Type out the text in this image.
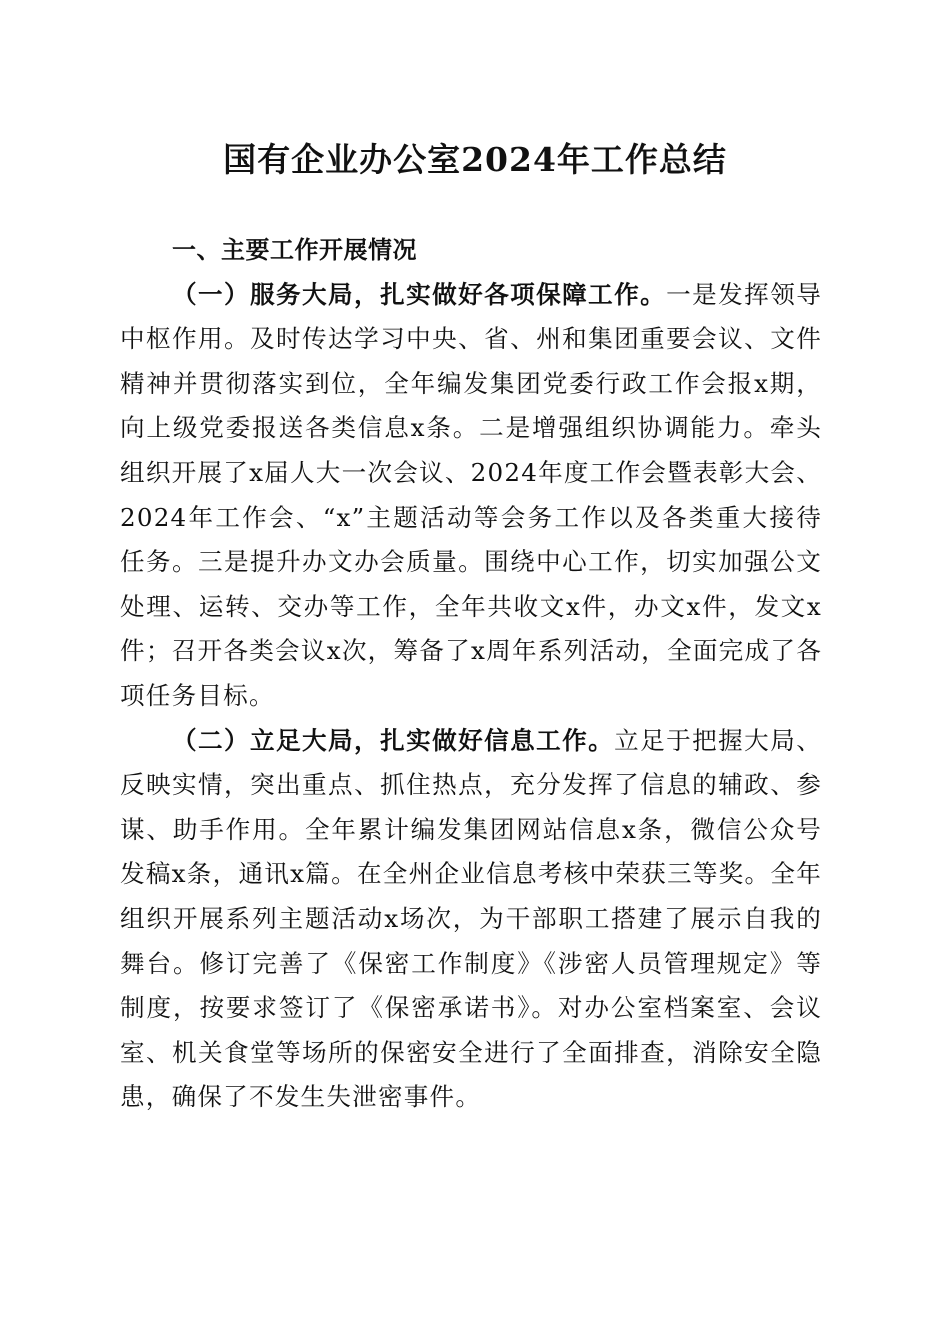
国有企业办公室2024年工作总结
一、主要工作开展情况

（一）服务大局，扎实做好各项保障工作。一是发挥领导中枢作用。及时传达学习中央、省、州和集团重要会议、文件精神并贯彻落实到位，全年编发集团党委行政工作会报x期，向上级党委报送各类信息x条。二是增强组织协调能力。牵头组织开展了x届人大一次会议、2024年度工作会暨表彰大会、2024年工作会、“x”主题活动等会务工作以及各类重大接待任务。三是提升办文办会质量。围绕中心工作，切实加强公文处理、运转、交办等工作，全年共收文x件，办文x件，发文x件；召开各类会议x次，筹备了x周年系列活动，全面完成了各项任务目标。

（二）立足大局，扎实做好信息工作。立足于把握大局、反映实情，突出重点、抓住热点，充分发挥了信息的辅政、参谋、助手作用。全年累计编发集团网站信息x条，微信公众号发稿x条，通讯x篇。在全州企业信息考核中荣获三等奖。全年组织开展系列主题活动x场次，为干部职工搭建了展示自我的舞台。修订完善了《保密工作制度》《涉密人员管理规定》等制度，按要求签订了《保密承诺书》。对办公室档案室、会议室、机关食堂等场所的保密安全进行了全面排查，消除安全隐患，确保了不发生失泄密事件。
